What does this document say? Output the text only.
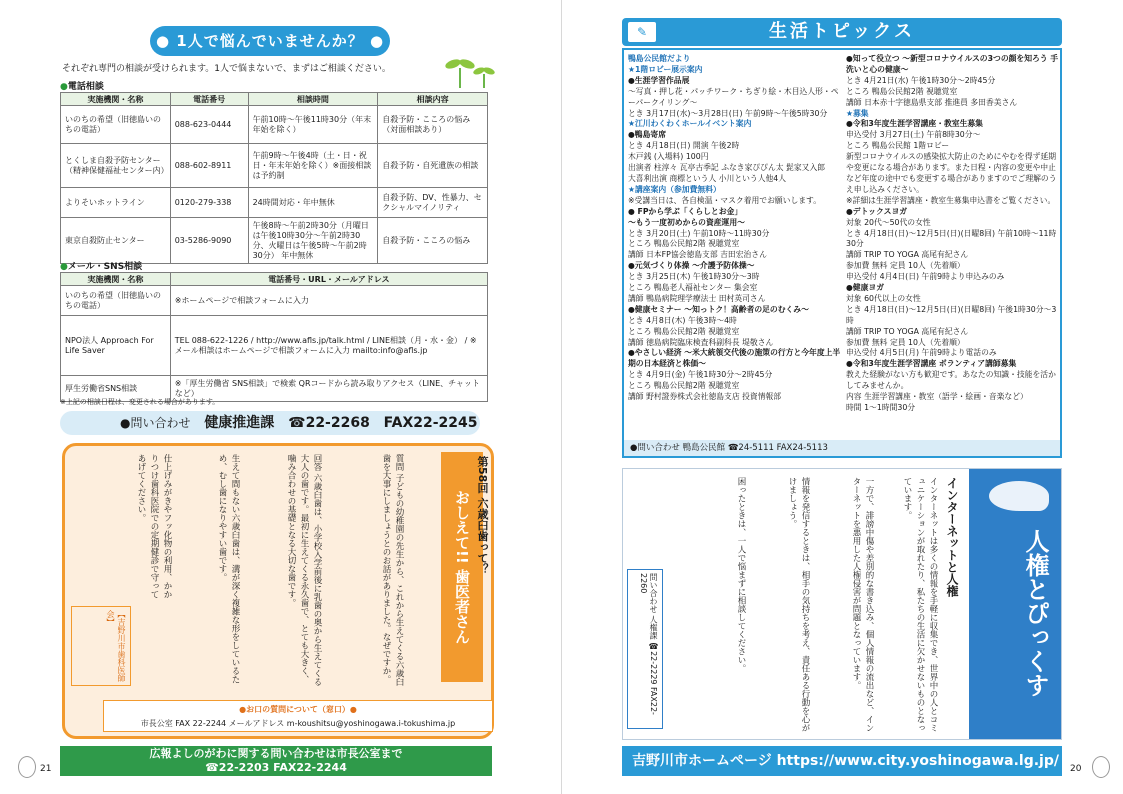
● 1人で悩んでいませんか？ ●
それぞれ専門の相談が受けられます。1人で悩まないで、まずはご相談ください。
●電話相談
実施機関・名称	電話番号	相談時間	相談内容
いのちの希望（旧徳島いのちの電話）	088-623-0444	午前10時～午後11時30分（年末年始を除く）	自殺予防・こころの悩み（対面相談あり）
とくしま自殺予防センター（精神保健福祉センター内）	088-602-8911	午前9時～午後4時（土・日・祝日・年末年始を除く）※面接相談は予約制	自殺予防・自死遺族の相談
よりそいホットライン	0120-279-338	24時間対応・年中無休	自殺予防、DV、性暴力、セクシャルマイノリティ
東京自殺防止センター	03-5286-9090	午後8時～午前2時30分（月曜日は午後10時30分～午前2時30分、火曜日は午後5時～午前2時30分） 年中無休	自殺予防・こころの悩み
●メール・SNS相談
実施機関・名称	電話番号・URL・メールアドレス
いのちの希望（旧徳島いのちの電話）	※ホームページで相談フォームに入力
NPO法人 Approach For Life Saver	TEL 088-622-1226 / http://www.afls.jp/talk.html / LINE相談（月・水・金） / ※メール相談はホームページで相談フォームに入力 mailto:info@afls.jp
厚生労働省SNS相談	※「厚生労働省 SNS相談」で検索 QRコードから読み取りアクセス（LINE、チャットなど）
※上記の相談日程は、変更される場合があります。
●問い合わせ 健康推進課 ☎22-2268 FAX22-2245
おしえて!! 歯医者さん 第58回 六歳臼歯って？
質問 子どもの幼稚園の先生から、これから生えてくる六歳臼歯を大事にしましょうとのお話がありました。なぜですか。
回答 六歳臼歯は、小学校入学前後に乳歯の奥から生えてくる大人の歯です。最初に生えてくる永久歯で、とても大きく、噛み合わせの基礎となる大切な歯です。
生えて間もない六歳臼歯は、溝が深く複雑な形をしているため、むし歯になりやすい歯です。
仕上げみがきやフッ化物の利用、かかりつけ歯科医院での定期健診で守ってあげてください。
【吉野川市歯科医師会】
●お口の質問について（窓口）●
市長公室 FAX 22-2244 メールアドレス m-koushitsu@yoshinogawa.i-tokushima.jp
広報よしのがわに関する問い合わせは市長公室まで
☎22-2203 FAX22-2244
21
✎	生活トピックス
鴨島公民館だより
★1階ロビー展示案内
●生涯学習作品展
～写真・押し花・パッチワーク・ちぎり絵・木目込人形・ペーパークイリング～
とき 3月17日(水)～3月28日(日) 午前9時～午後5時30分
★江川わくわくホールイベント案内
●鴨島寄席
とき 4月18日(日) 開演 午後2時
木戸銭 (入場料) 100円
出演者 柱淳々 瓦亭古季記 ふなき家ぴぴん太 髭家又入郎
大喜利出演 商標という人 小川という人他4人
★講座案内（参加費無料）
※受講当日は、各自検温・マスク着用でお願いします。
● FPから学ぶ「くらしとお金」
～もう一度初めからの資産運用～
とき 3月20日(土) 午前10時～11時30分
ところ 鴨島公民館2階 視聴覚室
講師 日本FP協会徳島支部 吉田宏治さん
●元気づくり体操 ～介護予防体操～
とき 3月25日(木) 午後1時30分～3時
ところ 鴨島老人福祉センター 集会室
講師 鴨島病院理学療法士 田村英司さん
●健康セミナー ～知っトク！高齢者の足のむくみ～
とき 4月8日(木) 午後3時～4時
ところ 鴨島公民館2階 視聴覚室
講師 徳島病院臨床検査科副科長 堤敬さん
●やさしい経済 ～米大統領交代後の施策の行方と今年度上半期の日本経済と株価～
とき 4月9日(金) 午後1時30分～2時45分
ところ 鴨島公民館2階 視聴覚室
講師 野村證券株式会社徳島支店 投資情報部
●知って役立つ ～新型コロナウイルスの3つの顔を知ろう 手洗いと心の健康～
とき 4月21日(水) 午後1時30分～2時45分
ところ 鴨島公民館2階 視聴覚室
講師 日本赤十字徳島県支部 推進員 多田香美さん
★募集
●令和3年度生涯学習講座・教室生募集
申込受付 3月27日(土) 午前8時30分～
ところ 鴨島公民館 1階ロビー
新型コロナウイルスの感染拡大防止のためにやむを得ず延期や変更になる場合があります。また日程・内容の変更や中止など年度の途中でも変更する場合がありますのでご理解のうえ申し込みください。
※詳細は生涯学習講座・教室生募集申込書をご覧ください。
●デトックスヨガ
対象 20代～50代の女性
とき 4月18日(日)～12月5日(日)(日曜8回) 午前10時～11時30分
講師 TRIP TO YOGA 高尾有紀さん
参加費 無料 定員 10人（先着順）
申込受付 4月4日(日) 午前9時より申込みのみ
●健康ヨガ
対象 60代以上の女性
とき 4月18日(日)～12月5日(日)(日曜8回) 午後1時30分～3時
講師 TRIP TO YOGA 高尾有紀さん
参加費 無料 定員 10人（先着順）
申込受付 4月5日(月) 午前9時より電話のみ
●令和3年度生涯学習講座 ボランティア講師募集
教えた経験がない方も歓迎です。あなたの知識・技能を活かしてみませんか。
内容 生涯学習講座・教室（語学・絵画・音楽など）
時間 1～1時間30分
●問い合わせ 鴨島公民館 ☎24-5111 FAX24-5113
人権とぴっくす
インターネットと人権
インターネットは多くの情報を手軽に収集でき、世界中の人とコミュニケーションが取れたり、私たちの生活に欠かせないものとなっています。
一方で、誹謗中傷や差別的な書き込み、個人情報の流出など、インターネットを悪用した人権侵害が問題となっています。
情報を発信するときは、相手の気持ちを考え、責任ある行動を心がけましょう。
困ったときは、一人で悩まずに相談してください。
問い合わせ 人権課 ☎22-2229 FAX22-2260
吉野川市ホームページ https://www.city.yoshinogawa.lg.jp/	20
